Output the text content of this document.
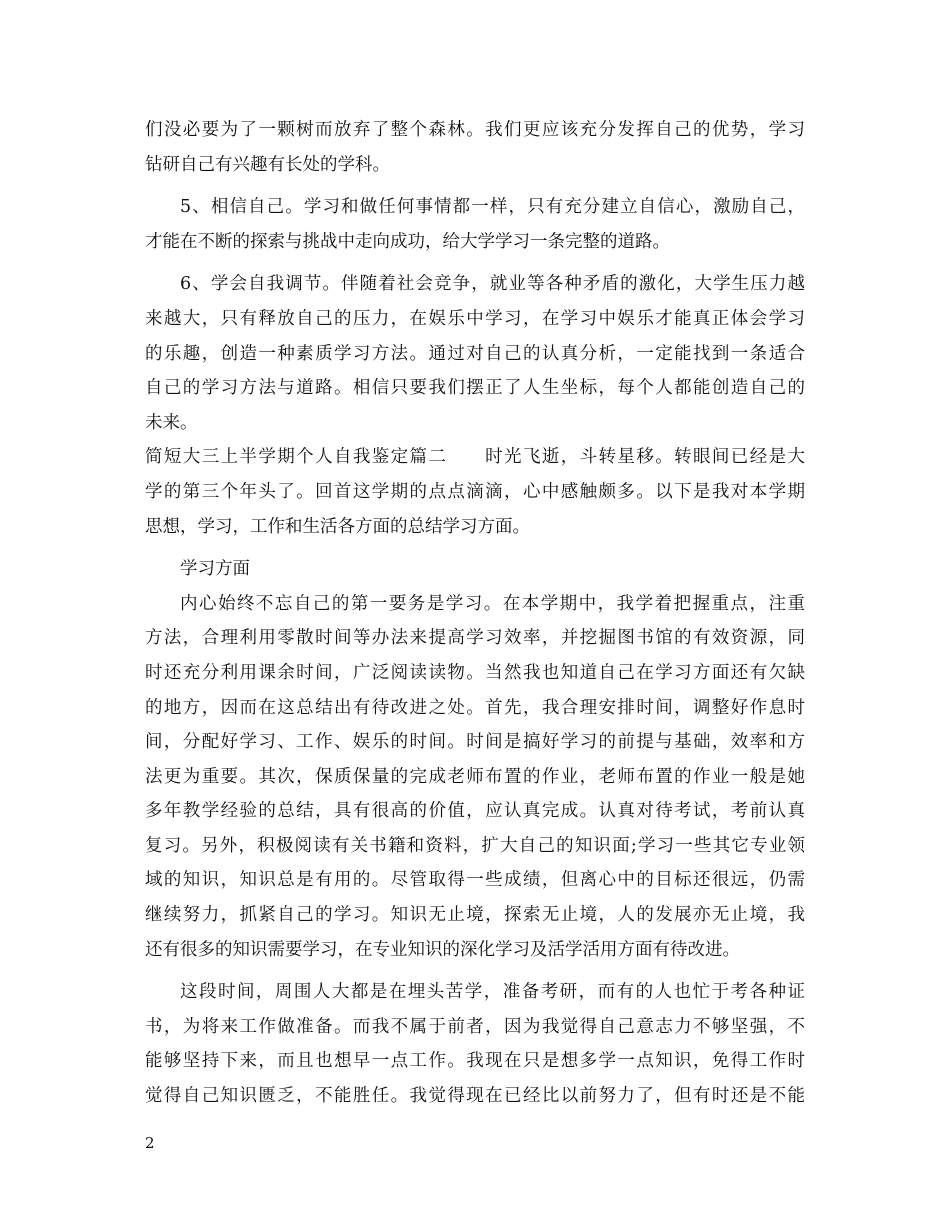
们没必要为了一颗树而放弃了整个森林。我们更应该充分发挥自己的优势，学习
钻研自己有兴趣有长处的学科。
5、相信自己。学习和做任何事情都一样，只有充分建立自信心，激励自己，
才能在不断的探索与挑战中走向成功，给大学学习一条完整的道路。
6、学会自我调节。伴随着社会竞争，就业等各种矛盾的激化，大学生压力越
来越大，只有释放自己的压力，在娱乐中学习，在学习中娱乐才能真正体会学习
的乐趣，创造一种素质学习方法。通过对自己的认真分析，一定能找到一条适合
自己的学习方法与道路。相信只要我们摆正了人生坐标，每个人都能创造自己的
未来。
简短大三上半学期个人自我鉴定篇二　　时光飞逝，斗转星移。转眼间已经是大
学的第三个年头了。回首这学期的点点滴滴，心中感触颇多。以下是我对本学期
思想，学习，工作和生活各方面的总结学习方面。
学习方面
内心始终不忘自己的第一要务是学习。在本学期中，我学着把握重点，注重
方法，合理利用零散时间等办法来提高学习效率，并挖掘图书馆的有效资源，同
时还充分利用课余时间，广泛阅读读物。当然我也知道自己在学习方面还有欠缺
的地方，因而在这总结出有待改进之处。首先，我合理安排时间，调整好作息时
间，分配好学习、工作、娱乐的时间。时间是搞好学习的前提与基础，效率和方
法更为重要。其次，保质保量的完成老师布置的作业，老师布置的作业一般是她
多年教学经验的总结，具有很高的价值，应认真完成。认真对待考试，考前认真
复习。另外，积极阅读有关书籍和资料，扩大自己的知识面;学习一些其它专业领
域的知识，知识总是有用的。尽管取得一些成绩，但离心中的目标还很远，仍需
继续努力，抓紧自己的学习。知识无止境，探索无止境，人的发展亦无止境，我
还有很多的知识需要学习，在专业知识的深化学习及活学活用方面有待改进。
这段时间，周围人大都是在埋头苦学，准备考研，而有的人也忙于考各种证
书，为将来工作做准备。而我不属于前者，因为我觉得自己意志力不够坚强，不
能够坚持下来，而且也想早一点工作。我现在只是想多学一点知识，免得工作时
觉得自己知识匮乏，不能胜任。我觉得现在已经比以前努力了，但有时还是不能
2
